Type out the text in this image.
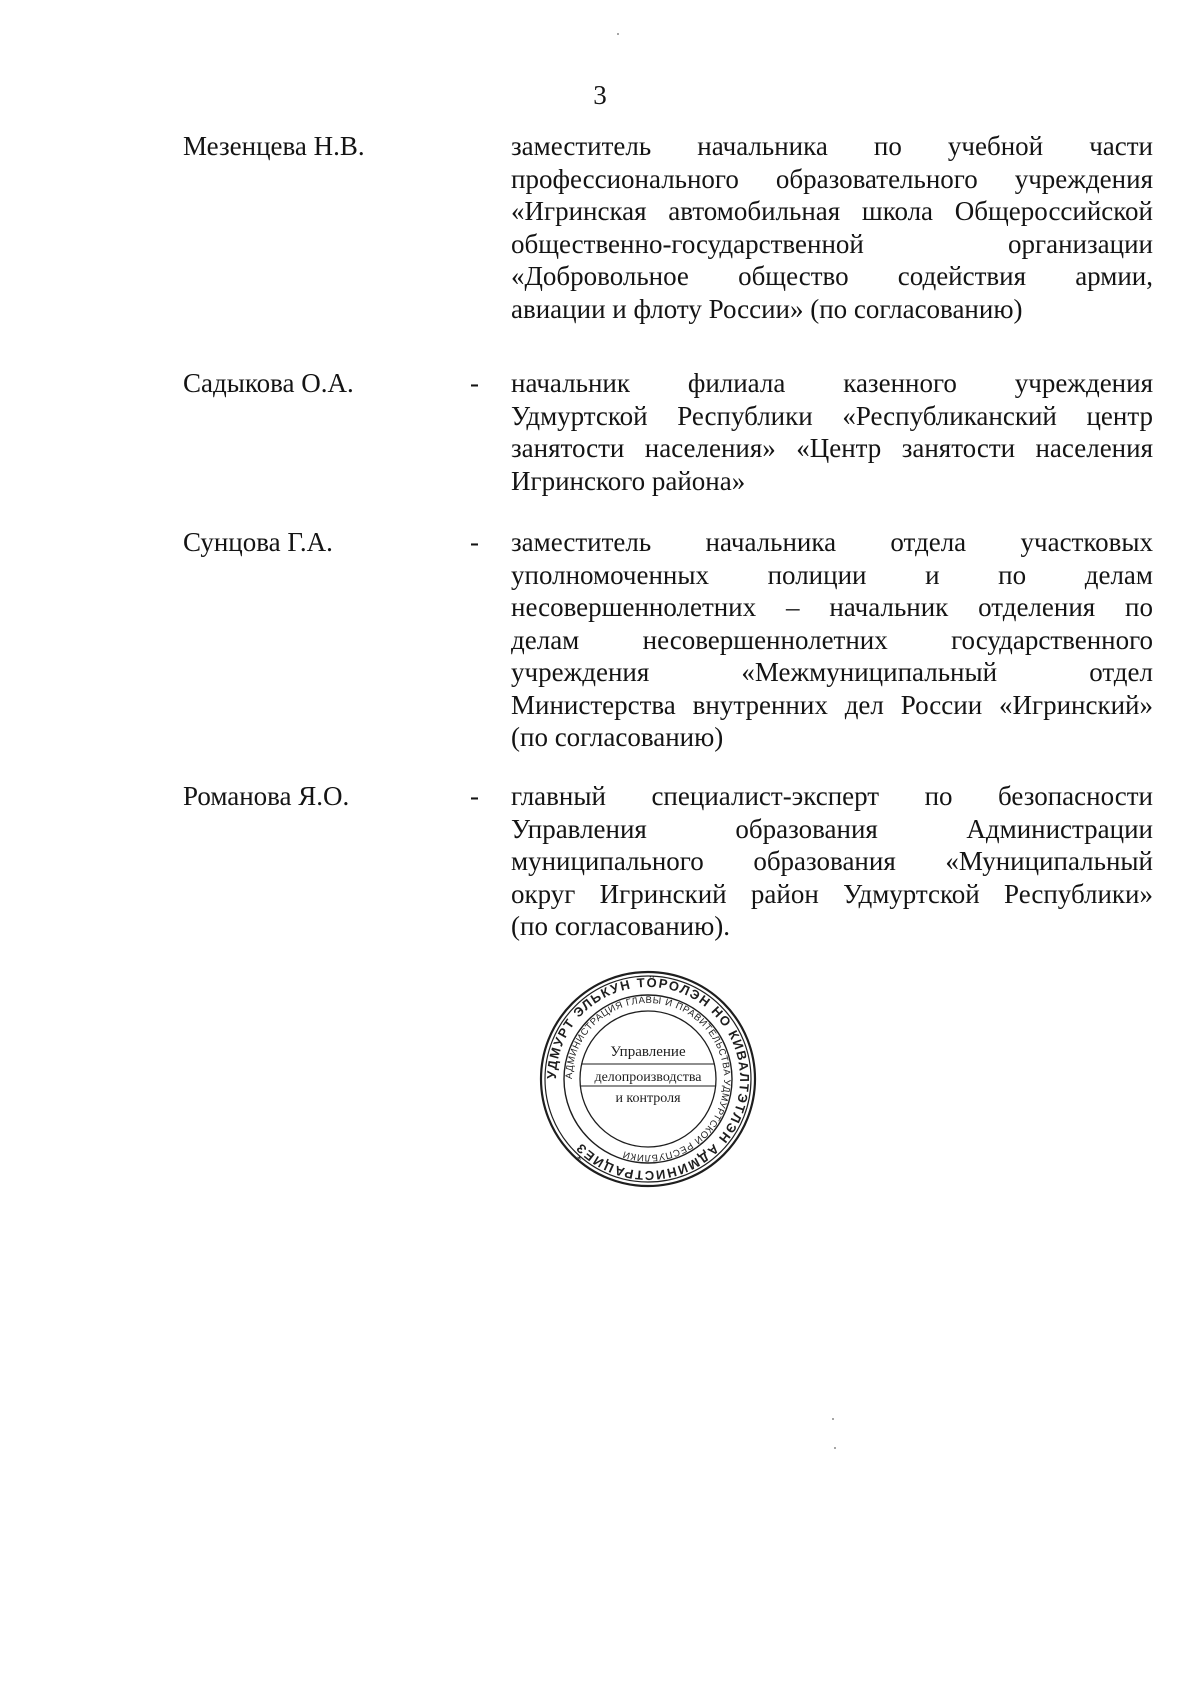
3
Мезенцева Н.В.	заместитель начальника по учебной части
профессионального образовательного учреждения
«Игринская автомобильная школа Общероссийской
общественно-государственной организации
«Добровольное общество содействия армии,
авиации и флоту России» (по согласованию)
Садыкова О.А.	- начальник филиала казенного учреждения
Удмуртской Республики «Республиканский центр
занятости населения» «Центр занятости населения
Игринского района»
Сунцова Г.А.	- заместитель начальника отдела участковых
уполномоченных полиции и по делам
несовершеннолетних – начальник отделения по
делам несовершеннолетних государственного
учреждения «Межмуниципальный отдел
Министерства внутренних дел России «Игринский»
(по согласованию)
Романова Я.О.	- главный специалист-эксперт по безопасности
Управления образования Администрации
муниципального образования «Муниципальный
округ Игринский район Удмуртской Республики»
(по согласованию).
УДМУРТ ЭЛЬКУН ТӦРОЛЭН НО КИВАЛТЭТЛЭН АДМИНИСТРАЦИЕЗ
АДМИНИСТРАЦИЯ ГЛАВЫ И ПРАВИТЕЛЬСТВА УДМУРТСКОЙ РЕСПУБЛИКИ
*
Управление
делопроизводства
и контроля
